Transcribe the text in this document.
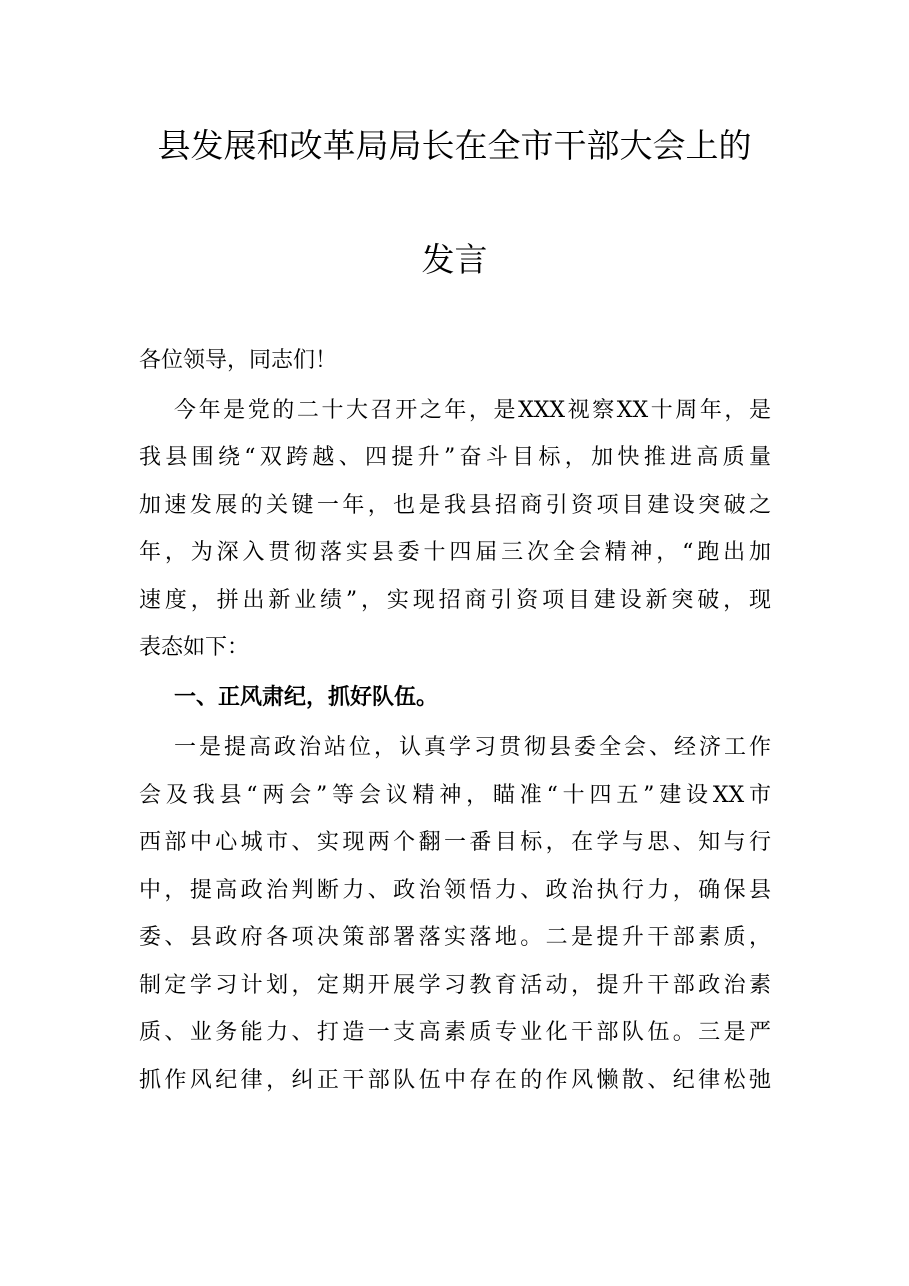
县发展和改革局局长在全市干部大会上的
发言
各位领导，同志们！
今年是党的二十大召开之年，是XXX视察XX十周年，是
我县围绕“双跨越、四提升”奋斗目标，加快推进高质量
加速发展的关键一年，也是我县招商引资项目建设突破之
年，为深入贯彻落实县委十四届三次全会精神，“跑出加
速度，拼出新业绩”，实现招商引资项目建设新突破，现
表态如下：
一、正风肃纪，抓好队伍。
一是提高政治站位，认真学习贯彻县委全会、经济工作
会及我县“两会”等会议精神，瞄准“十四五”建设XX市
西部中心城市、实现两个翻一番目标，在学与思、知与行
中，提高政治判断力、政治领悟力、政治执行力，确保县
委、县政府各项决策部署落实落地。二是提升干部素质，
制定学习计划，定期开展学习教育活动，提升干部政治素
质、业务能力、打造一支高素质专业化干部队伍。三是严
抓作风纪律，纠正干部队伍中存在的作风懒散、纪律松弛
